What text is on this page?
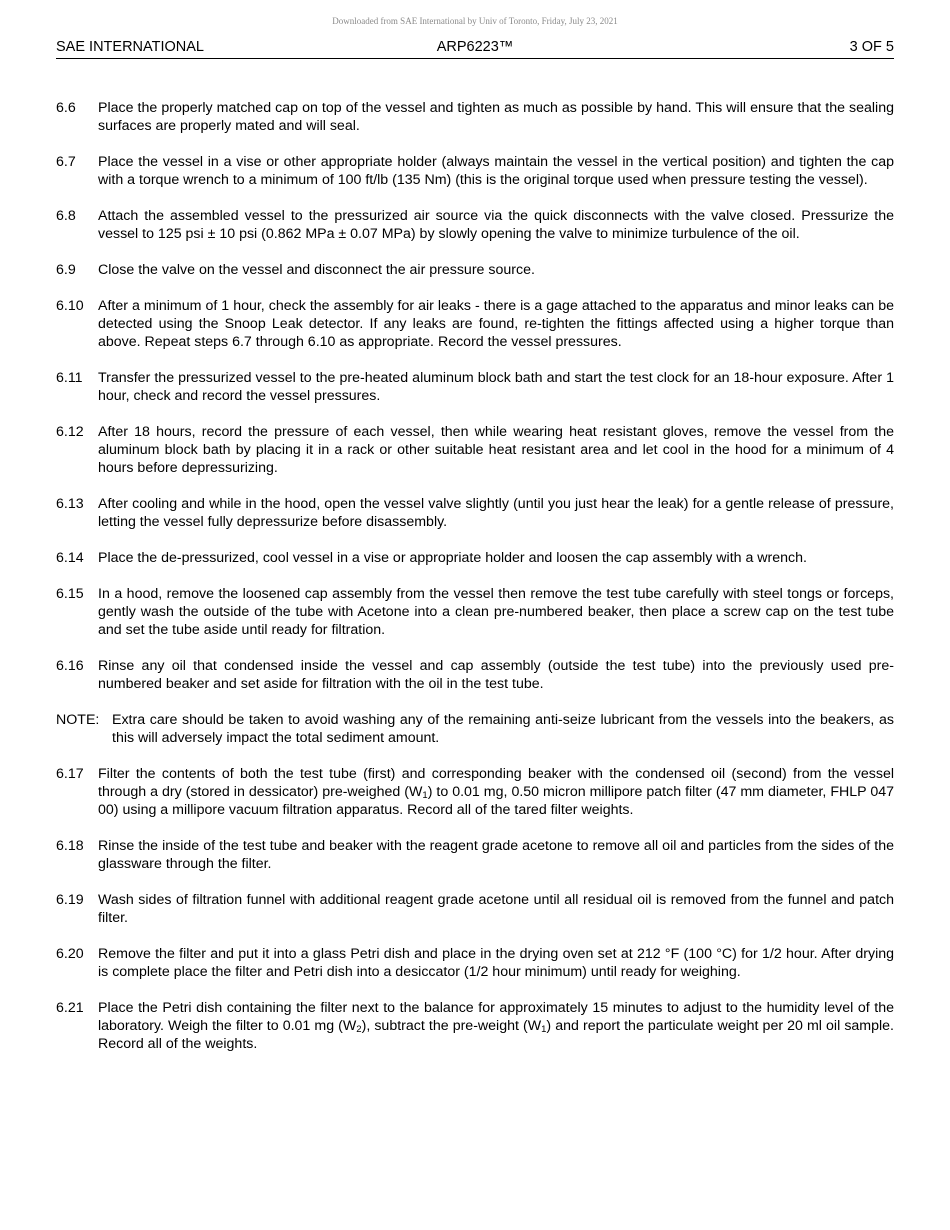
Downloaded from SAE International by Univ of Toronto, Friday, July 23, 2021
SAE INTERNATIONAL	ARP6223™	3 OF 5
6.6	Place the properly matched cap on top of the vessel and tighten as much as possible by hand. This will ensure that the sealing surfaces are properly mated and will seal.
6.7	Place the vessel in a vise or other appropriate holder (always maintain the vessel in the vertical position) and tighten the cap with a torque wrench to a minimum of 100 ft/lb (135 Nm) (this is the original torque used when pressure testing the vessel).
6.8	Attach the assembled vessel to the pressurized air source via the quick disconnects with the valve closed. Pressurize the vessel to 125 psi ± 10 psi (0.862 MPa ± 0.07 MPa) by slowly opening the valve to minimize turbulence of the oil.
6.9	Close the valve on the vessel and disconnect the air pressure source.
6.10	After a minimum of 1 hour, check the assembly for air leaks - there is a gage attached to the apparatus and minor leaks can be detected using the Snoop Leak detector. If any leaks are found, re-tighten the fittings affected using a higher torque than above. Repeat steps 6.7 through 6.10 as appropriate. Record the vessel pressures.
6.11	Transfer the pressurized vessel to the pre-heated aluminum block bath and start the test clock for an 18-hour exposure. After 1 hour, check and record the vessel pressures.
6.12	After 18 hours, record the pressure of each vessel, then while wearing heat resistant gloves, remove the vessel from the aluminum block bath by placing it in a rack or other suitable heat resistant area and let cool in the hood for a minimum of 4 hours before depressurizing.
6.13	After cooling and while in the hood, open the vessel valve slightly (until you just hear the leak) for a gentle release of pressure, letting the vessel fully depressurize before disassembly.
6.14	Place the de-pressurized, cool vessel in a vise or appropriate holder and loosen the cap assembly with a wrench.
6.15	In a hood, remove the loosened cap assembly from the vessel then remove the test tube carefully with steel tongs or forceps, gently wash the outside of the tube with Acetone into a clean pre-numbered beaker, then place a screw cap on the test tube and set the tube aside until ready for filtration.
6.16	Rinse any oil that condensed inside the vessel and cap assembly (outside the test tube) into the previously used pre-numbered beaker and set aside for filtration with the oil in the test tube.
NOTE: Extra care should be taken to avoid washing any of the remaining anti-seize lubricant from the vessels into the beakers, as this will adversely impact the total sediment amount.
6.17	Filter the contents of both the test tube (first) and corresponding beaker with the condensed oil (second) from the vessel through a dry (stored in dessicator) pre-weighed $(W_1)$ to 0.01 mg, 0.50 micron millipore patch filter (47 mm diameter, FHLP 047 00) using a millipore vacuum filtration apparatus. Record all of the tared filter weights.
6.18	Rinse the inside of the test tube and beaker with the reagent grade acetone to remove all oil and particles from the sides of the glassware through the filter.
6.19	Wash sides of filtration funnel with additional reagent grade acetone until all residual oil is removed from the funnel and patch filter.
6.20	Remove the filter and put it into a glass Petri dish and place in the drying oven set at 212 °F (100 °C) for 1/2 hour. After drying is complete place the filter and Petri dish into a desiccator (1/2 hour minimum) until ready for weighing.
6.21	Place the Petri dish containing the filter next to the balance for approximately 15 minutes to adjust to the humidity level of the laboratory. Weigh the filter to 0.01 mg $(W_2)$, subtract the pre-weight $(W_1)$ and report the particulate weight per 20 ml oil sample. Record all of the weights.
